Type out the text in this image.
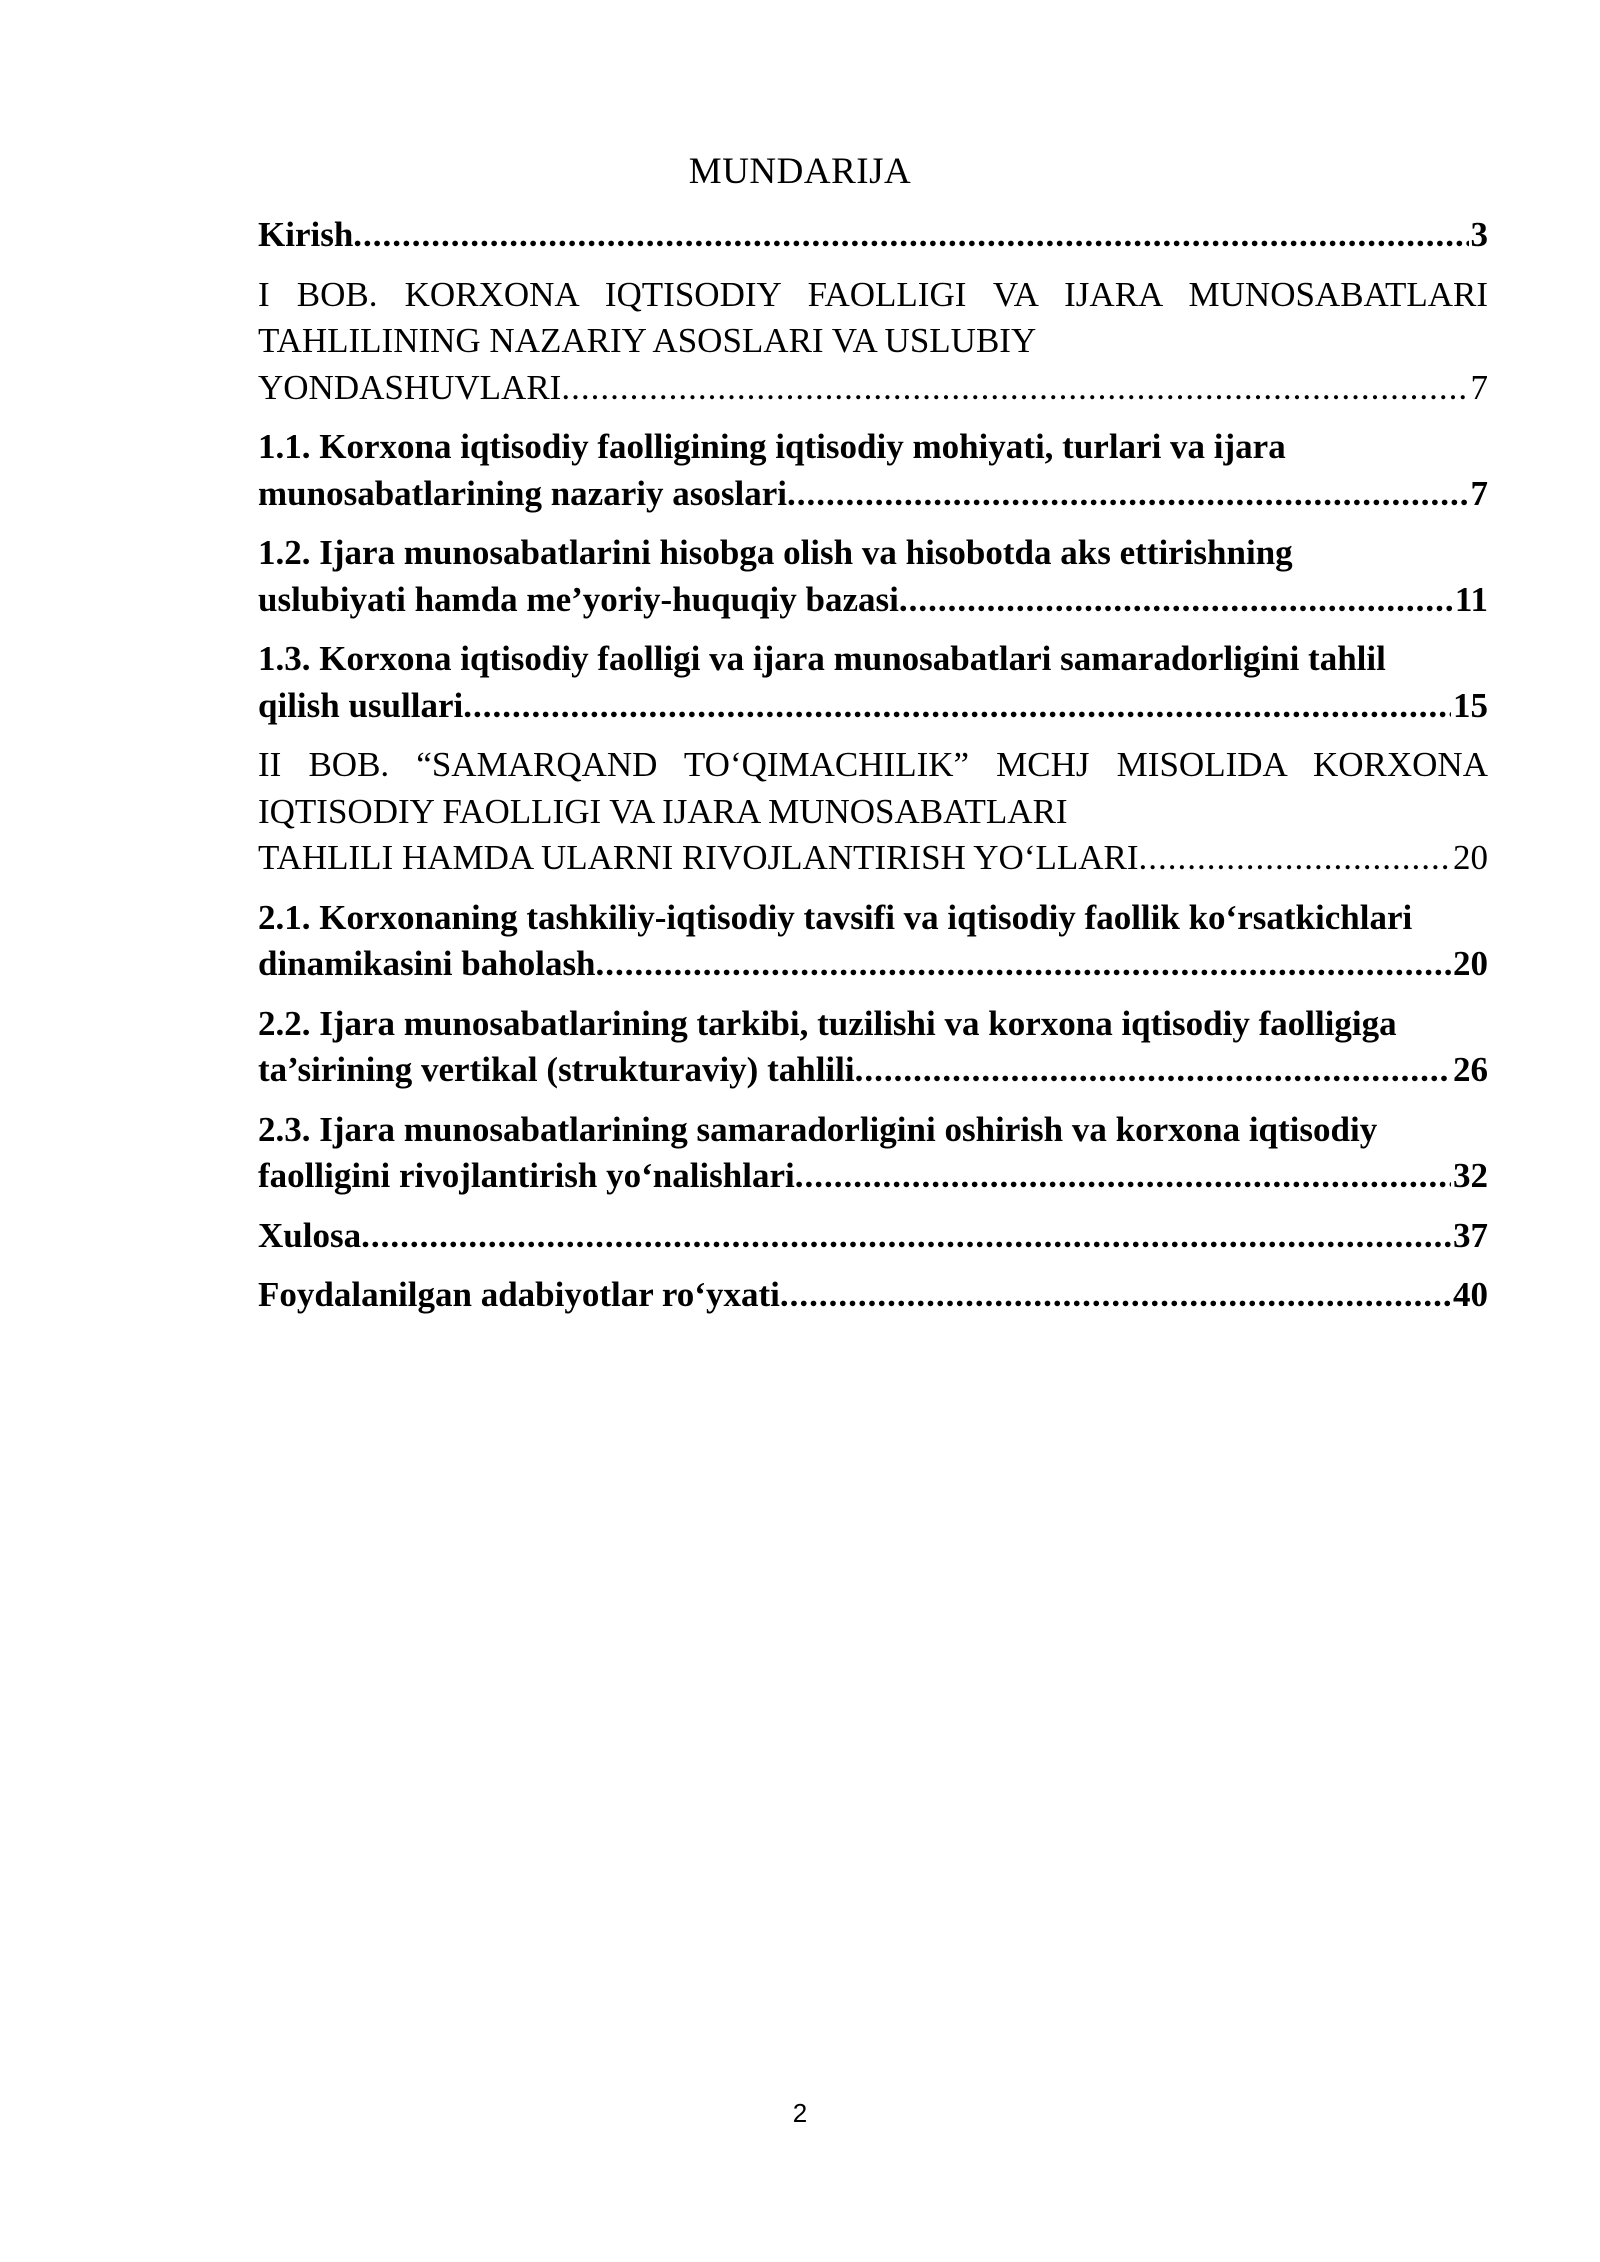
MUNDARIJA
Kirish .....	3
I BOB. KORXONA IQTISODIY FAOLLIGI VA IJARA MUNOSABATLARI TAHLILINING NAZARIY ASOSLARI VA USLUBIY
YONDASHUVLARI .....	7
1.1. Korxona iqtisodiy faolligining iqtisodiy mohiyati, turlari va ijara
munosabatlarining nazariy asoslari .....	7
1.2. Ijara munosabatlarini hisobga olish va hisobotda aks ettirishning
uslubiyati hamda me’yoriy-huquqiy bazasi .....	11
1.3. Korxona iqtisodiy faolligi va ijara munosabatlari samaradorligini tahlil
qilish usullari .....	15
II BOB. “SAMARQAND TO‘QIMACHILIK” MCHJ MISOLIDA KORXONA IQTISODIY FAOLLIGI VA IJARA MUNOSABATLARI
TAHLILI HAMDA ULARNI RIVOJLANTIRISH YO‘LLARI .....	20
2.1. Korxonaning tashkiliy-iqtisodiy tavsifi va iqtisodiy faollik ko‘rsatkichlari
dinamikasini baholash .....	20
2.2. Ijara munosabatlarining tarkibi, tuzilishi va korxona iqtisodiy faolligiga
ta’sirining vertikal (strukturaviy) tahlili .....	26
2.3. Ijara munosabatlarining samaradorligini oshirish va korxona iqtisodiy
faolligini rivojlantirish yo‘nalishlari .....	32
Xulosa .....	37
Foydalanilgan adabiyotlar ro‘yxati .....	40
2
